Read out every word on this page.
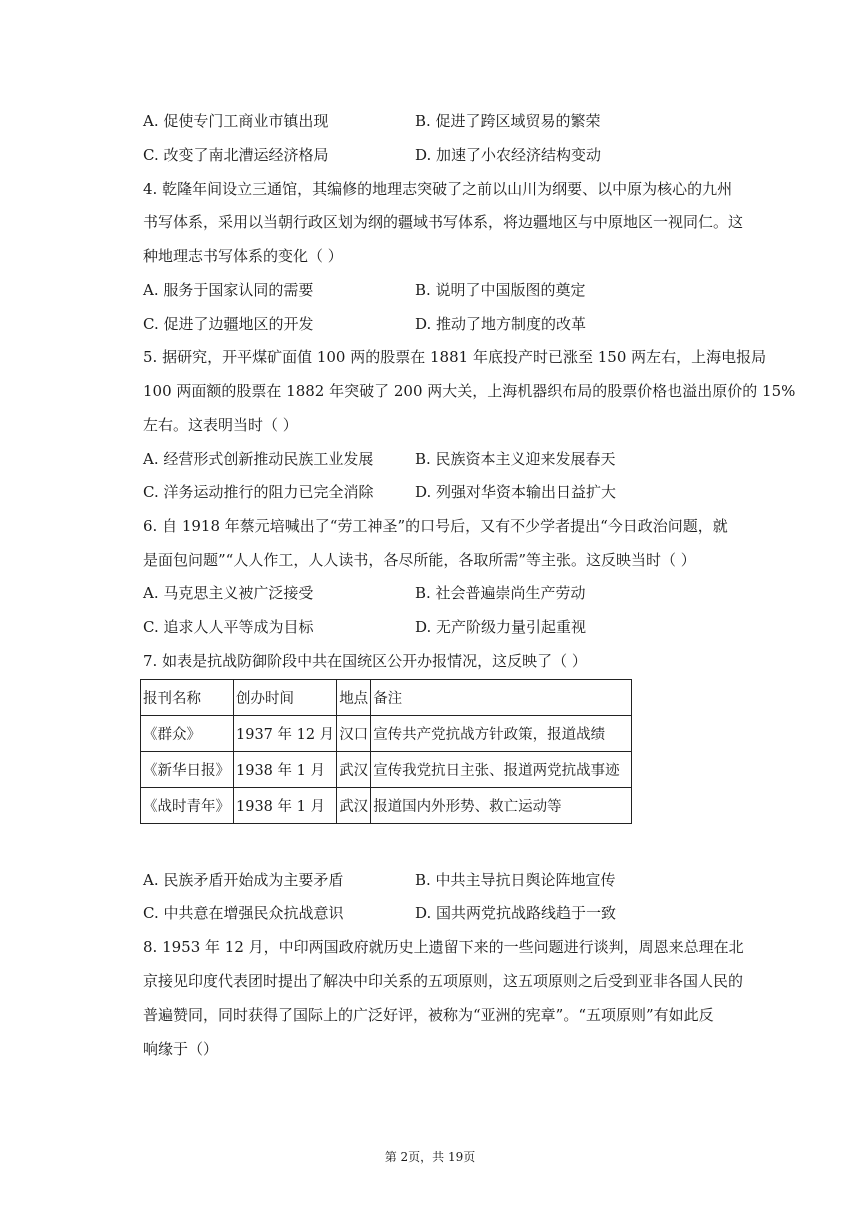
A. 促使专门工商业市镇出现	B. 促进了跨区域贸易的繁荣
C. 改变了南北漕运经济格局	D. 加速了小农经济结构变动
4. 乾隆年间设立三通馆，其编修的地理志突破了之前以山川为纲要、以中原为核心的九州
书写体系，采用以当朝行政区划为纲的疆域书写体系，将边疆地区与中原地区一视同仁。这
种地理志书写体系的变化（ ）
A. 服务于国家认同的需要	B. 说明了中国版图的奠定
C. 促进了边疆地区的开发	D. 推动了地方制度的改革
5. 据研究，开平煤矿面值 100 两的股票在 1881 年底投产时已涨至 150 两左右，上海电报局
100 两面额的股票在 1882 年突破了 200 两大关，上海机器织布局的股票价格也溢出原价的 15%
左右。这表明当时（ ）
A. 经营形式创新推动民族工业发展	B. 民族资本主义迎来发展春天
C. 洋务运动推行的阻力已完全消除	D. 列强对华资本输出日益扩大
6. 自 1918 年蔡元培喊出了“劳工神圣”的口号后，又有不少学者提出“今日政治问题，就
是面包问题”“人人作工，人人读书，各尽所能，各取所需”等主张。这反映当时（ ）
A. 马克思主义被广泛接受	B. 社会普遍崇尚生产劳动
C. 追求人人平等成为目标	D. 无产阶级力量引起重视
7. 如表是抗战防御阶段中共在国统区公开办报情况，这反映了（ ）
报刊名称	创办时间	地点	备注
《群众》	1937 年 12 月	汉口	宣传共产党抗战方针政策，报道战绩
《新华日报》	1938 年 1 月	武汉	宣传我党抗日主张、报道两党抗战事迹
《战时青年》	1938 年 1 月	武汉	报道国内外形势、救亡运动等
A. 民族矛盾开始成为主要矛盾	B. 中共主导抗日舆论阵地宣传
C. 中共意在增强民众抗战意识	D. 国共两党抗战路线趋于一致
8. 1953 年 12 月，中印两国政府就历史上遗留下来的一些问题进行谈判，周恩来总理在北
京接见印度代表团时提出了解决中印关系的五项原则，这五项原则之后受到亚非各国人民的
普遍赞同，同时获得了国际上的广泛好评，被称为“亚洲的宪章”。“五项原则”有如此反
响缘于（）
第 2页，共 19页
